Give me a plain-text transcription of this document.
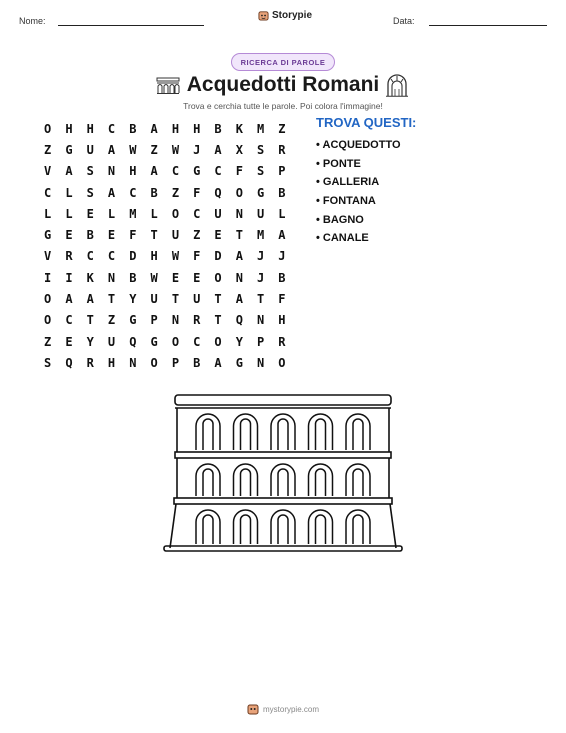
Nome:	Storypie	Data:
RICERCA DI PAROLE
Acquedotti Romani
Trova e cerchia tutte le parole. Poi colora l'immagine!
O	H	H	C	B	A	H	H	B	K	M	Z
Z	G	U	A	W	Z	W	J	A	X	S	R
V	A	S	N	H	A	C	G	C	F	S	P
C	L	S	A	C	B	Z	F	Q	O	G	B
L	L	E	L	M	L	O	C	U	N	U	L
G	E	B	E	F	T	U	Z	E	T	M	A
V	R	C	C	D	H	W	F	D	A	J	J
I	I	K	N	B	W	E	E	O	N	J	B
O	A	A	T	Y	U	T	U	T	A	T	F
O	C	T	Z	G	P	N	R	T	Q	N	H
Z	E	Y	U	Q	G	O	C	O	Y	P	R
S	Q	R	H	N	O	P	B	A	G	N	O
TROVA QUESTI:
• ACQUEDOTTO
• PONTE
• GALLERIA
• FONTANA
• BAGNO
• CANALE
mystorypie.com
